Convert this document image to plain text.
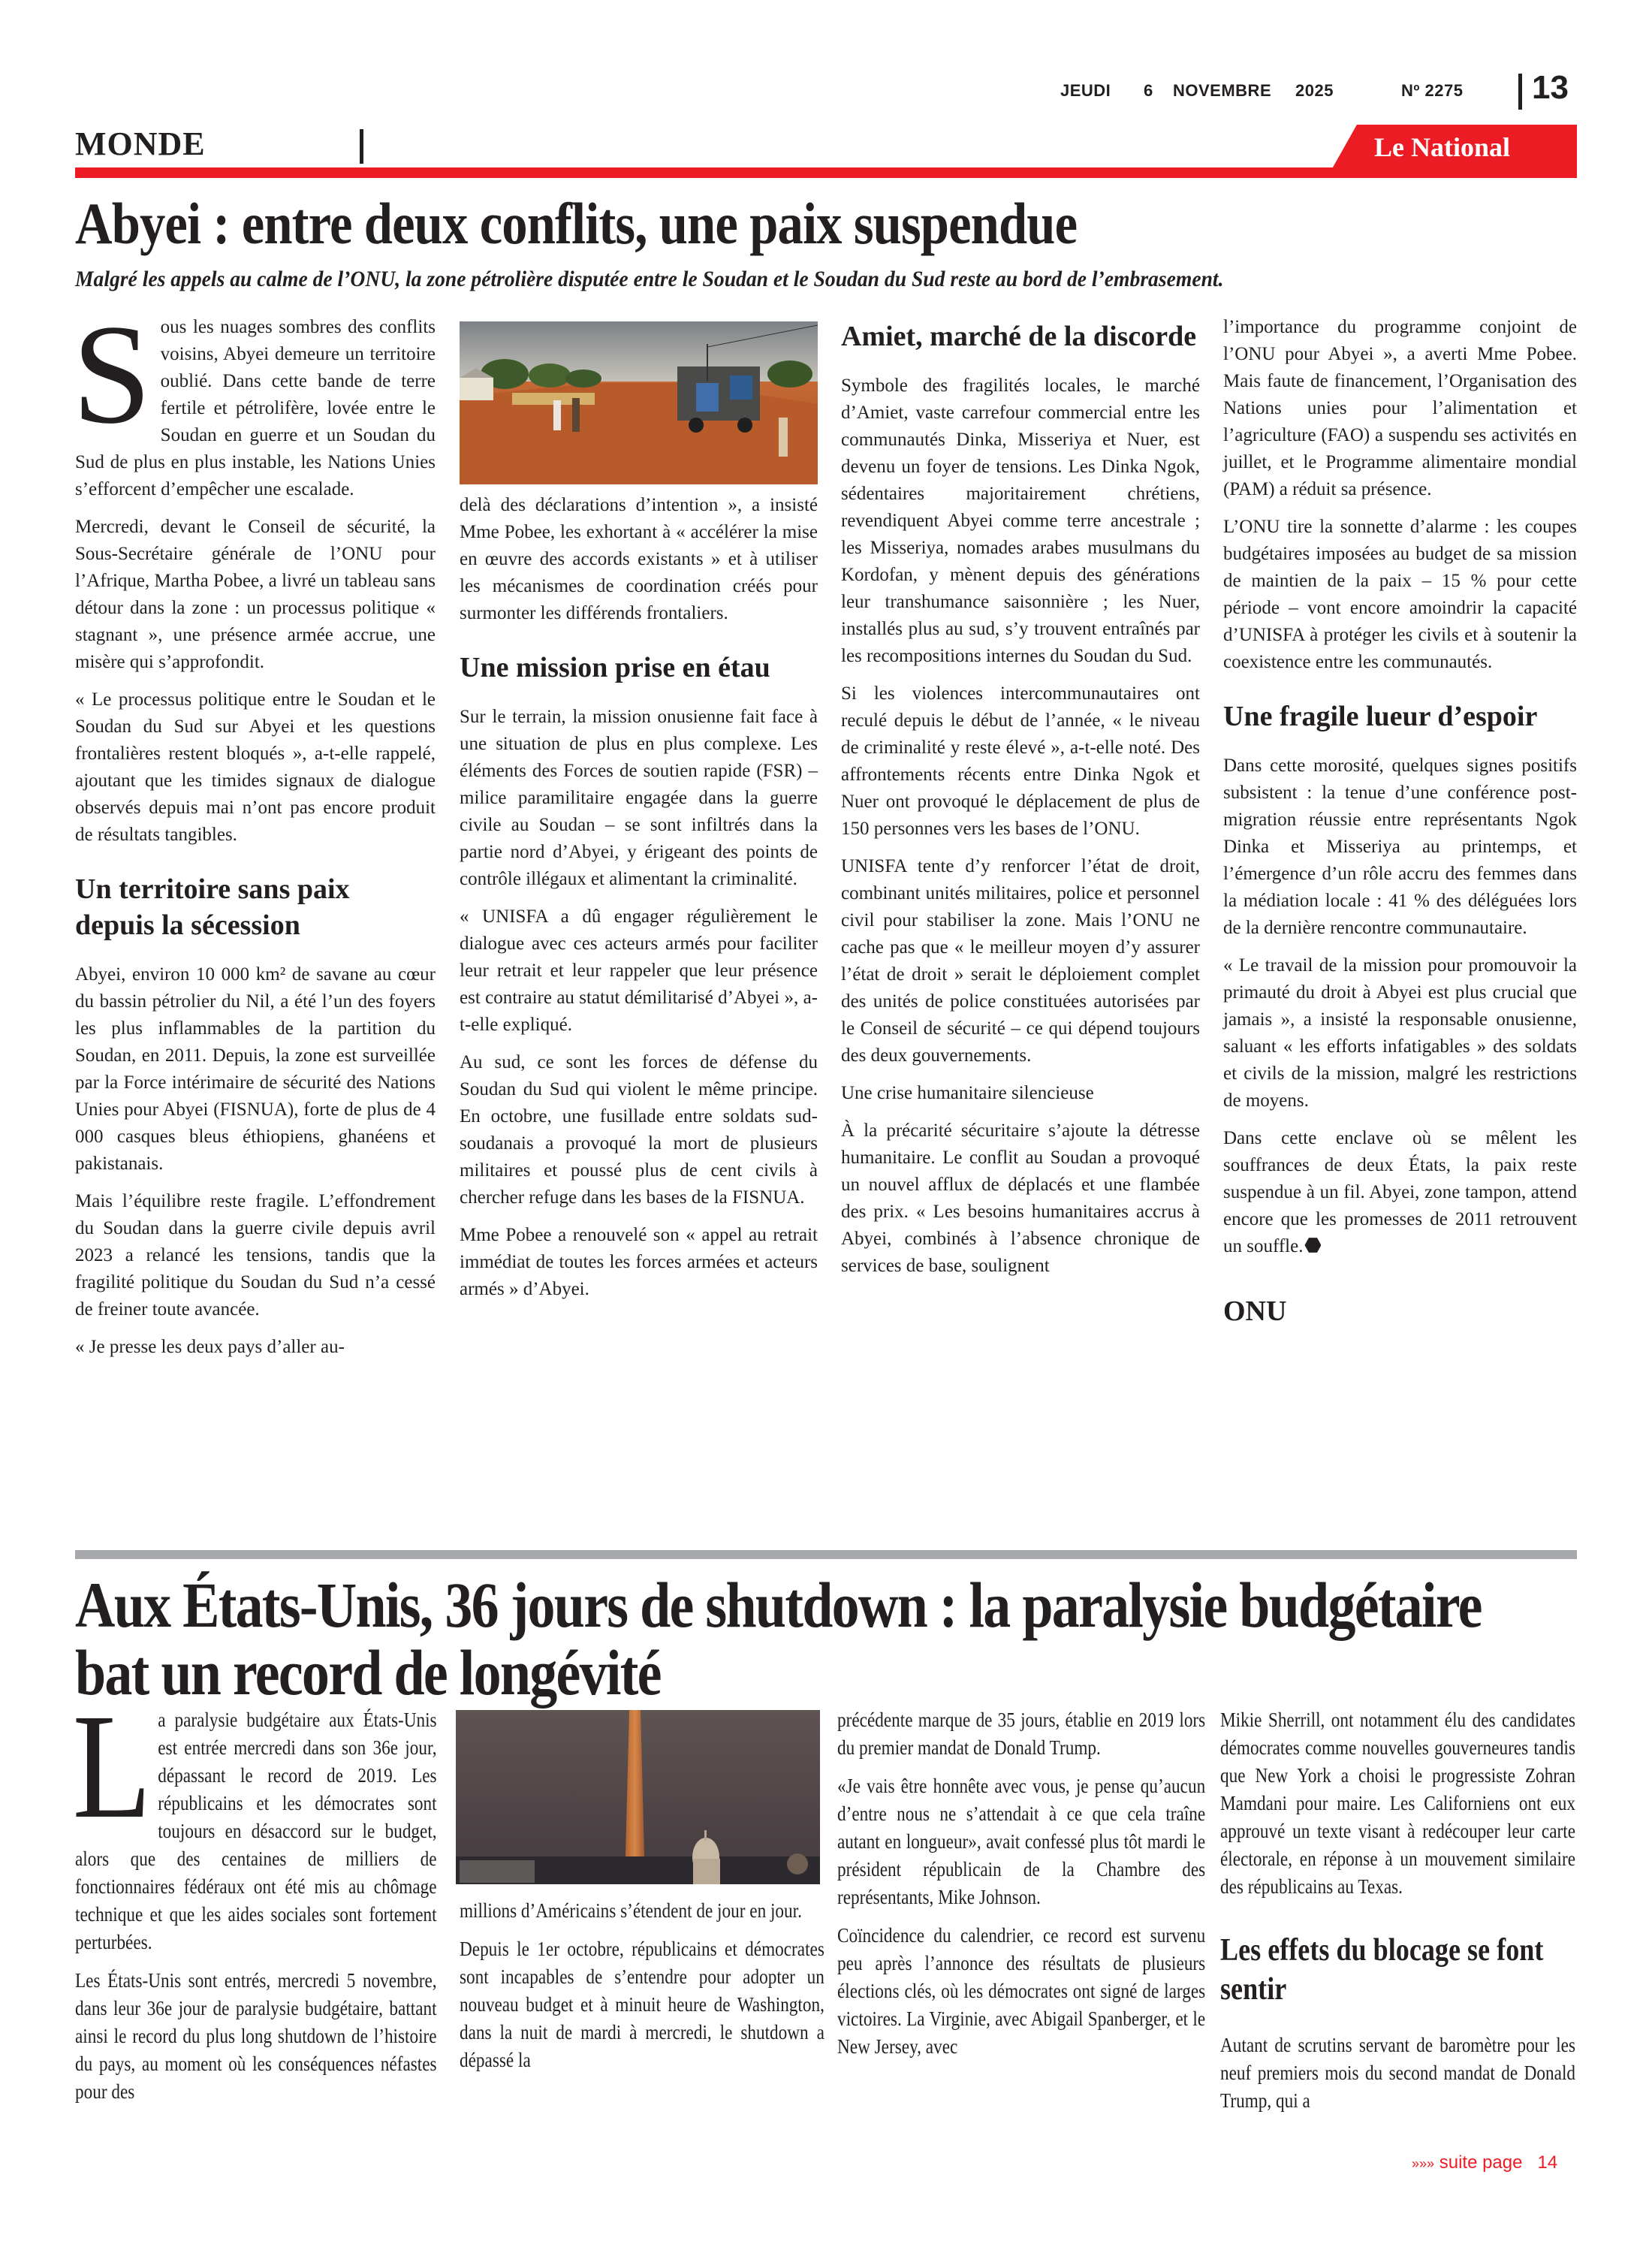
JEUDI 6 NOVEMBRE 2025	Nº 2275 13
MONDE	Le National
Abyei : entre deux conflits, une paix suspendue
Malgré les appels au calme de l’ONU, la zone pétrolière disputée entre le Soudan et le Soudan du Sud reste au bord de l’embrasement.

Sous les nuages sombres des conflits voisins, Abyei demeure un territoire oublié. Dans cette bande de terre fertile et pétrolifère, lovée entre le Soudan en guerre et un Soudan du Sud de plus en plus instable, les Nations Unies s’efforcent d’empêcher une escalade.

Mercredi, devant le Conseil de sécurité, la Sous-Secrétaire générale de l’ONU pour l’Afrique, Martha Pobee, a livré un tableau sans détour dans la zone : un processus politique « stagnant », une présence armée accrue, une misère qui s’approfondit.

« Le processus politique entre le Soudan et le Soudan du Sud sur Abyei et les questions frontalières restent bloqués », a-t-elle rappelé, ajoutant que les timides signaux de dialogue observés depuis mai n’ont pas encore produit de résultats tangibles.

Un territoire sans paix depuis la sécession

Abyei, environ 10 000 km² de savane au cœur du bassin pétrolier du Nil, a été l’un des foyers les plus inflammables de la partition du Soudan, en 2011. Depuis, la zone est surveillée par la Force intérimaire de sécurité des Nations Unies pour Abyei (FISNUA), forte de plus de 4 000 casques bleus éthiopiens, ghanéens et pakistanais.

Mais l’équilibre reste fragile. L’effondrement du Soudan dans la guerre civile depuis avril 2023 a relancé les tensions, tandis que la fragilité politique du Soudan du Sud n’a cessé de freiner toute avancée.

« Je presse les deux pays d’aller au-

delà des déclarations d’intention », a insisté Mme Pobee, les exhortant à « accélérer la mise en œuvre des accords existants » et à utiliser les mécanismes de coordination créés pour surmonter les différends frontaliers.

Une mission prise en étau

Sur le terrain, la mission onusienne fait face à une situation de plus en plus complexe. Les éléments des Forces de soutien rapide (FSR) – milice paramilitaire engagée dans la guerre civile au Soudan – se sont infiltrés dans la partie nord d’Abyei, y érigeant des points de contrôle illégaux et alimentant la criminalité.

« UNISFA a dû engager régulièrement le dialogue avec ces acteurs armés pour faciliter leur retrait et leur rappeler que leur présence est contraire au statut démilitarisé d’Abyei », a-t-elle expliqué.

Au sud, ce sont les forces de défense du Soudan du Sud qui violent le même principe. En octobre, une fusillade entre soldats sud-soudanais a provoqué la mort de plusieurs militaires et poussé plus de cent civils à chercher refuge dans les bases de la FISNUA.

Mme Pobee a renouvelé son « appel au retrait immédiat de toutes les forces armées et acteurs armés » d’Abyei.

Amiet, marché de la discorde

Symbole des fragilités locales, le marché d’Amiet, vaste carrefour commercial entre les communautés Dinka, Misseriya et Nuer, est devenu un foyer de tensions. Les Dinka Ngok, sédentaires majoritairement chrétiens, revendiquent Abyei comme terre ancestrale ; les Misseriya, nomades arabes musulmans du Kordofan, y mènent depuis des générations leur transhumance saisonnière ; les Nuer, installés plus au sud, s’y trouvent entraînés par les recompositions internes du Soudan du Sud.

Si les violences intercommunautaires ont reculé depuis le début de l’année, « le niveau de criminalité y reste élevé », a-t-elle noté. Des affrontements récents entre Dinka Ngok et Nuer ont provoqué le déplacement de plus de 150 personnes vers les bases de l’ONU.

UNISFA tente d’y renforcer l’état de droit, combinant unités militaires, police et personnel civil pour stabiliser la zone. Mais l’ONU ne cache pas que « le meilleur moyen d’y assurer l’état de droit » serait le déploiement complet des unités de police constituées autorisées par le Conseil de sécurité – ce qui dépend toujours des deux gouvernements.

Une crise humanitaire silencieuse

À la précarité sécuritaire s’ajoute la détresse humanitaire. Le conflit au Soudan a provoqué un nouvel afflux de déplacés et une flambée des prix. « Les besoins humanitaires accrus à Abyei, combinés à l’absence chronique de services de base, soulignent

l’importance du programme conjoint de l’ONU pour Abyei », a averti Mme Pobee. Mais faute de financement, l’Organisation des Nations unies pour l’alimentation et l’agriculture (FAO) a suspendu ses activités en juillet, et le Programme alimentaire mondial (PAM) a réduit sa présence.

L’ONU tire la sonnette d’alarme : les coupes budgétaires imposées au budget de sa mission de maintien de la paix – 15 % pour cette période – vont encore amoindrir la capacité d’UNISFA à protéger les civils et à soutenir la coexistence entre les communautés.

Une fragile lueur d’espoir

Dans cette morosité, quelques signes positifs subsistent : la tenue d’une conférence post-migration réussie entre représentants Ngok Dinka et Misseriya au printemps, et l’émergence d’un rôle accru des femmes dans la médiation locale : 41 % des déléguées lors de la dernière rencontre communautaire.

« Le travail de la mission pour promouvoir la primauté du droit à Abyei est plus crucial que jamais », a insisté la responsable onusienne, saluant « les efforts infatigables » des soldats et civils de la mission, malgré les restrictions de moyens.

Dans cette enclave où se mêlent les souffrances de deux États, la paix reste suspendue à un fil. Abyei, zone tampon, attend encore que les promesses de 2011 retrouvent un souffle.

ONU
Aux États-Unis, 36 jours de shutdown : la paralysie budgétaire
bat un record de longévité

La paralysie budgétaire aux États-Unis est entrée mercredi dans son 36e jour, dépassant le record de 2019. Les républicains et les démocrates sont toujours en désaccord sur le budget, alors que des centaines de milliers de fonctionnaires fédéraux ont été mis au chômage technique et que les aides sociales sont fortement perturbées.

Les États-Unis sont entrés, mercredi 5 novembre, dans leur 36e jour de paralysie budgétaire, battant ainsi le record du plus long shutdown de l’histoire du pays, au moment où les conséquences néfastes pour des

millions d’Américains s’étendent de jour en jour.

Depuis le 1er octobre, républicains et démocrates sont incapables de s’entendre pour adopter un nouveau budget et à minuit heure de Washington, dans la nuit de mardi à mercredi, le shutdown a dépassé la

précédente marque de 35 jours, établie en 2019 lors du premier mandat de Donald Trump.

«Je vais être honnête avec vous, je pense qu’aucun d’entre nous ne s’attendait à ce que cela traîne autant en longueur», avait confessé plus tôt mardi le président républicain de la Chambre des représentants, Mike Johnson.

Coïncidence du calendrier, ce record est survenu peu après l’annonce des résultats de plusieurs élections clés, où les démocrates ont signé de larges victoires. La Virginie, avec Abigail Spanberger, et le New Jersey, avec

Mikie Sherrill, ont notamment élu des candidates démocrates comme nouvelles gouverneures tandis que New York a choisi le progressiste Zohran Mamdani pour maire. Les Californiens ont eux approuvé un texte visant à redécouper leur carte électorale, en réponse à un mouvement similaire des républicains au Texas.

Les effets du blocage se font sentir

Autant de scrutins servant de baromètre pour les neuf premiers mois du second mandat de Donald Trump, qui a

»»» suite page 14
